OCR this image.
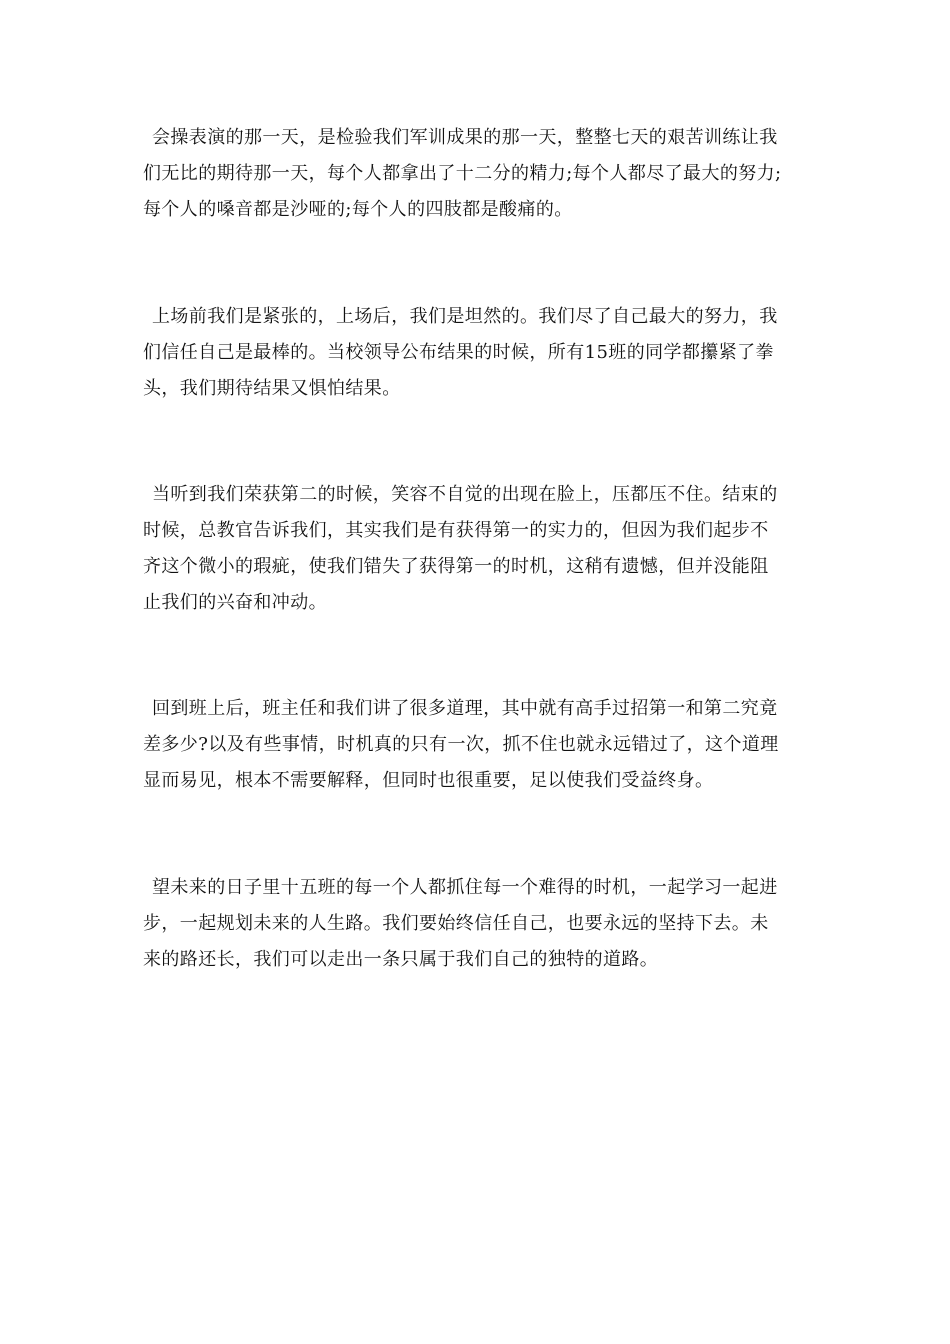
会操表演的那一天，是检验我们军训成果的那一天，整整七天的艰苦训练让我
们无比的期待那一天，每个人都拿出了十二分的精力;每个人都尽了最大的努力;
每个人的嗓音都是沙哑的;每个人的四肢都是酸痛的。
上场前我们是紧张的，上场后，我们是坦然的。我们尽了自己最大的努力，我
们信任自己是最棒的。当校领导公布结果的时候，所有15班的同学都攥紧了拳
头，我们期待结果又惧怕结果。
当听到我们荣获第二的时候，笑容不自觉的出现在脸上，压都压不住。结束的
时候，总教官告诉我们，其实我们是有获得第一的实力的，但因为我们起步不
齐这个微小的瑕疵，使我们错失了获得第一的时机，这稍有遗憾，但并没能阻
止我们的兴奋和冲动。
回到班上后，班主任和我们讲了很多道理，其中就有高手过招第一和第二究竟
差多少?以及有些事情，时机真的只有一次，抓不住也就永远错过了，这个道理
显而易见，根本不需要解释，但同时也很重要，足以使我们受益终身。
望未来的日子里十五班的每一个人都抓住每一个难得的时机，一起学习一起进
步，一起规划未来的人生路。我们要始终信任自己，也要永远的坚持下去。未
来的路还长，我们可以走出一条只属于我们自己的独特的道路。
